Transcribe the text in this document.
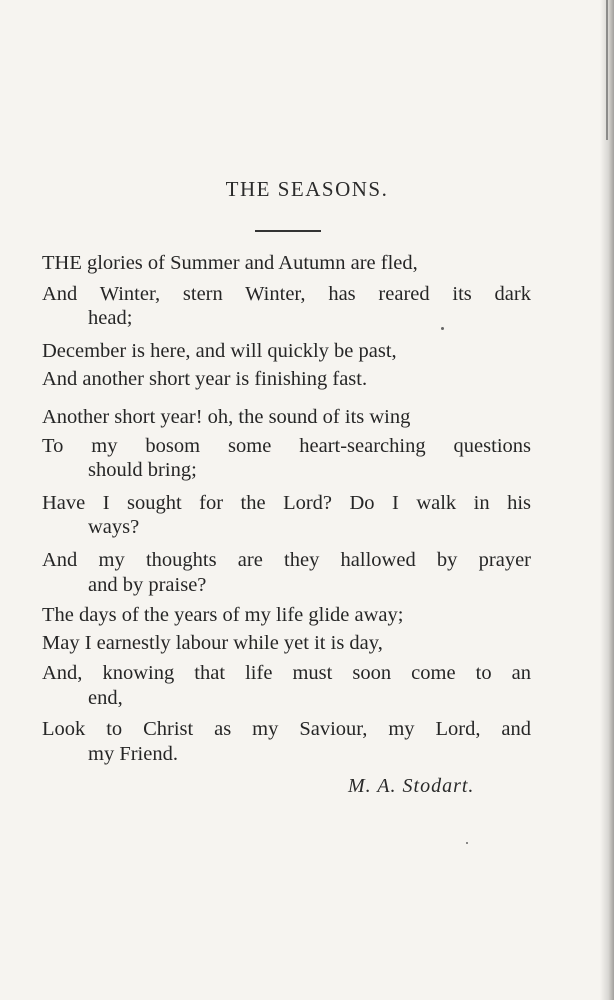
THE SEASONS.
THE glories of Summer and Autumn are fled,
And Winter, stern Winter, has reared its dark
head;
December is here, and will quickly be past,
And another short year is finishing fast.
Another short year! oh, the sound of its wing
To my bosom some heart-searching questions
should bring;
Have I sought for the Lord? Do I walk in his
ways?
And my thoughts are they hallowed by prayer
and by praise?
The days of the years of my life glide away;
May I earnestly labour while yet it is day,
And, knowing that life must soon come to an
end,
Look to Christ as my Saviour, my Lord, and
my Friend.
M. A. Stodart.
